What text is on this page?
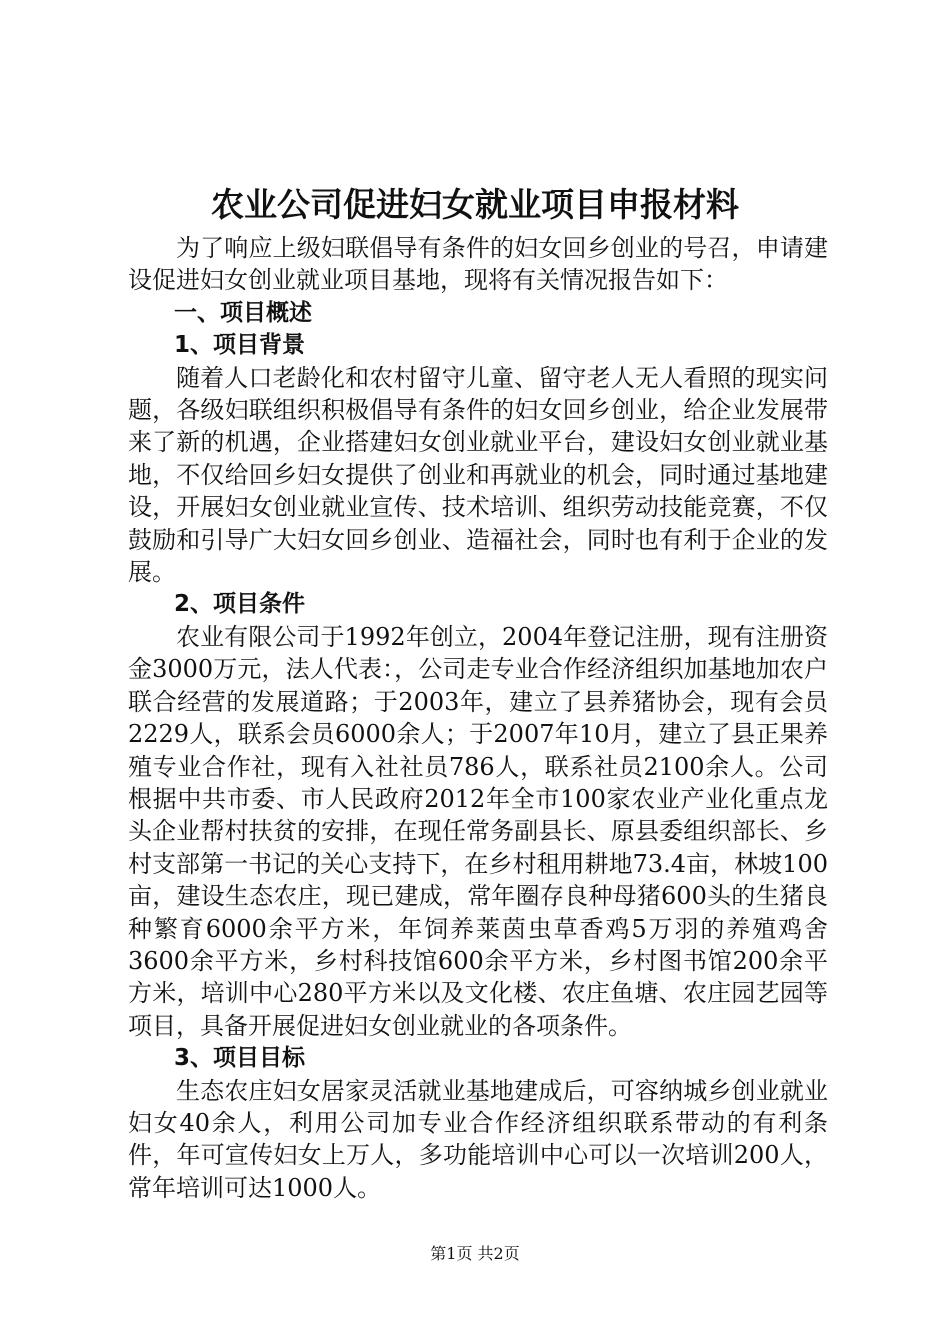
农业公司促进妇女就业项目申报材料

为了响应上级妇联倡导有条件的妇女回乡创业的号召，申请建设促进妇女创业就业项目基地，现将有关情况报告如下：

一、项目概述

1、项目背景

随着人口老龄化和农村留守儿童、留守老人无人看照的现实问题，各级妇联组织积极倡导有条件的妇女回乡创业，给企业发展带来了新的机遇，企业搭建妇女创业就业平台，建设妇女创业就业基地，不仅给回乡妇女提供了创业和再就业的机会，同时通过基地建设，开展妇女创业就业宣传、技术培训、组织劳动技能竞赛，不仅鼓励和引导广大妇女回乡创业、造福社会，同时也有利于企业的发展。

2、项目条件

农业有限公司于1992年创立，2004年登记注册，现有注册资金3000万元，法人代表：，公司走专业合作经济组织加基地加农户联合经营的发展道路；于2003年，建立了县养猪协会，现有会员2229人，联系会员6000余人；于2007年10月，建立了县正果养殖专业合作社，现有入社社员786人，联系社员2100余人。公司根据中共市委、市人民政府2012年全市100家农业产业化重点龙头企业帮村扶贫的安排，在现任常务副县长、原县委组织部长、乡村支部第一书记的关心支持下，在乡村租用耕地73.4亩，林坡100亩，建设生态农庄，现已建成，常年圈存良种母猪600头的生猪良种繁育6000余平方米，年饲养莱茵虫草香鸡5万羽的养殖鸡舍3600余平方米，乡村科技馆600余平方米，乡村图书馆200余平方米，培训中心280平方米以及文化楼、农庄鱼塘、农庄园艺园等项目，具备开展促进妇女创业就业的各项条件。

3、项目目标

生态农庄妇女居家灵活就业基地建成后，可容纳城乡创业就业妇女40余人，利用公司加专业合作经济组织联系带动的有利条件，年可宣传妇女上万人，多功能培训中心可以一次培训200人，常年培训可达1000人。

第1页 共2页
